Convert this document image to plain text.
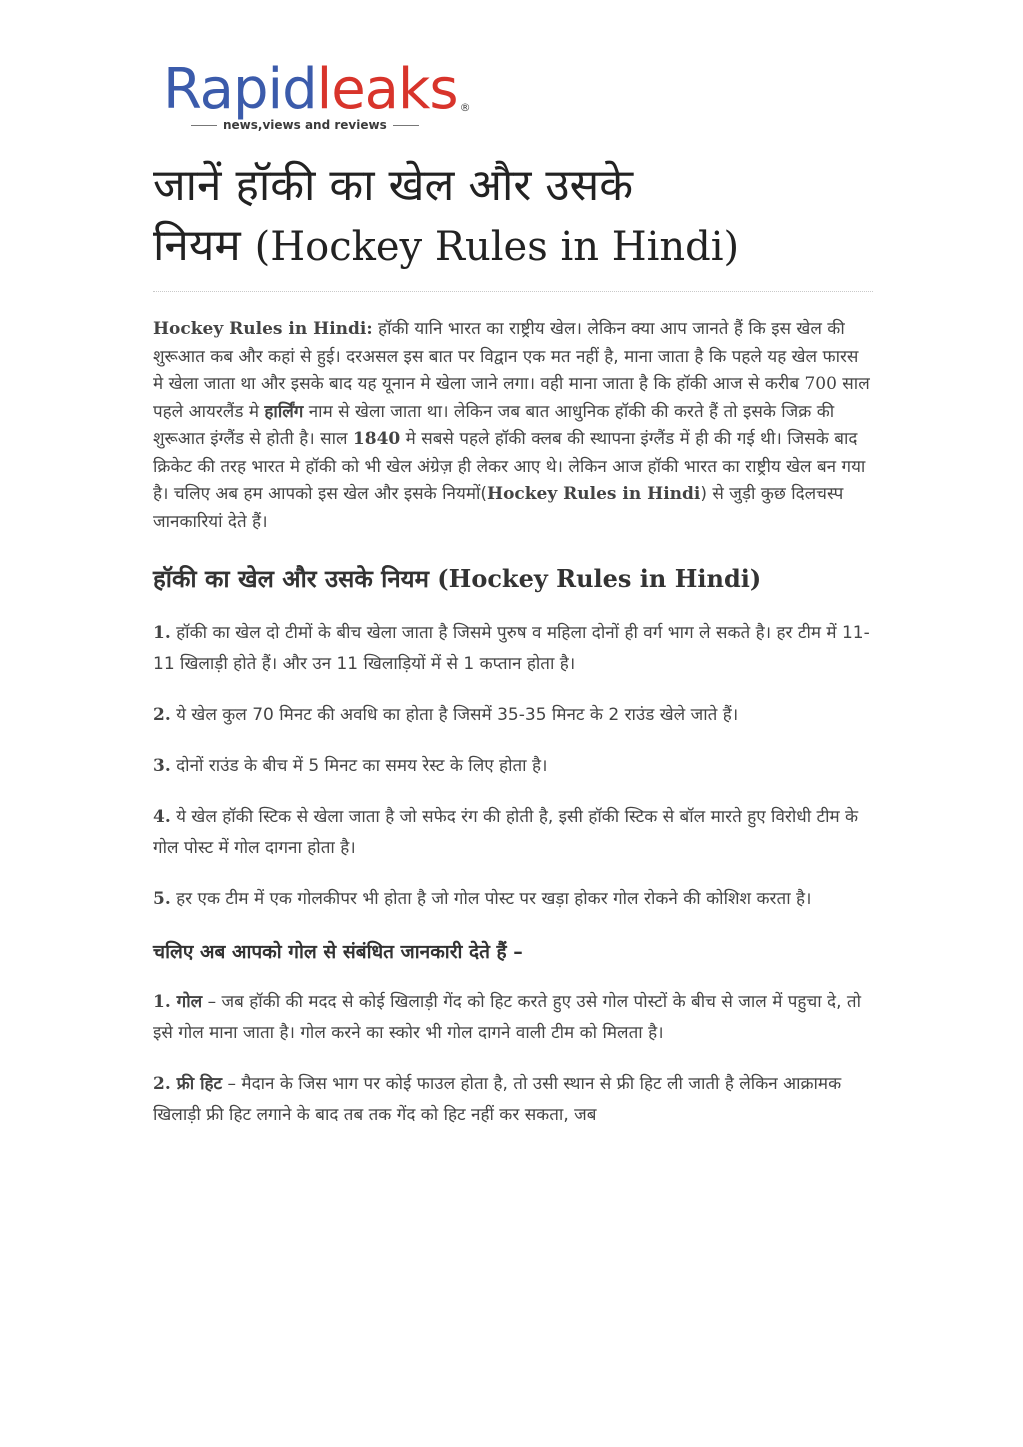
Rapidleaks ®
news,views and reviews
जानें हॉकी का खेल और उसके
नियम (Hockey Rules in Hindi)

Hockey Rules in Hindi: हॉकी यानि भारत का राष्ट्रीय खेल। लेकिन क्या आप जानते हैं कि इस खेल की शुरूआत कब और कहां से हुई। दरअसल इस बात पर विद्वान एक मत नहीं है, माना जाता है कि पहले यह खेल फारस मे खेला जाता था और इसके बाद यह यूनान मे खेला जाने लगा। वही माना जाता है कि हॉकी आज से करीब 700 साल पहले आयरलैंड मे हार्लिंग नाम से खेला जाता था। लेकिन जब बात आधुनिक हॉकी की करते हैं तो इसके जिक्र की शुरूआत इंग्लैंड से होती है। साल 1840 मे सबसे पहले हॉकी क्लब की स्थापना इंग्लैंड में ही की गई थी। जिसके बाद क्रिकेट की तरह भारत मे हॉकी को भी खेल अंग्रेज़ ही लेकर आए थे। लेकिन आज हॉकी भारत का राष्ट्रीय खेल बन गया है। चलिए अब हम आपको इस खेल और इसके नियमों(Hockey Rules in Hindi) से जुड़ी कुछ दिलचस्प जानकारियां देते हैं।

हॉकी का खेल और उसके नियम (Hockey Rules in Hindi)

1. हॉकी का खेल दो टीमों के बीच खेला जाता है जिसमे पुरुष व महिला दोनों ही वर्ग भाग ले सकते है। हर टीम में 11-11 खिलाड़ी होते हैं। और उन 11 खिलाड़ियों में से 1 कप्तान होता है।

2. ये खेल कुल 70 मिनट की अवधि का होता है जिसमें 35-35 मिनट के 2 राउंड खेले जाते हैं।

3. दोनों राउंड के बीच में 5 मिनट का समय रेस्ट के लिए होता है।

4. ये खेल हॉकी स्टिक से खेला जाता है जो सफेद रंग की होती है, इसी हॉकी स्टिक से बॉल मारते हुए विरोधी टीम के गोल पोस्ट में गोल दागना होता है।

5. हर एक टीम में एक गोलकीपर भी होता है जो गोल पोस्ट पर खड़ा होकर गोल रोकने की कोशिश करता है।

चलिए अब आपको गोल से संबंधित जानकारी देते हैं –

1. गोल – जब हॉकी की मदद से कोई खिलाड़ी गेंद को हिट करते हुए उसे गोल पोस्टों के बीच से जाल में पहुचा दे, तो इसे गोल माना जाता है। गोल करने का स्कोर भी गोल दागने वाली टीम को मिलता है।

2. फ्री हिट – मैदान के जिस भाग पर कोई फाउल होता है, तो उसी स्थान से फ्री हिट ली जाती है लेकिन आक्रामक खिलाड़ी फ्री हिट लगाने के बाद तब तक गेंद को हिट नहीं कर सकता, जब
